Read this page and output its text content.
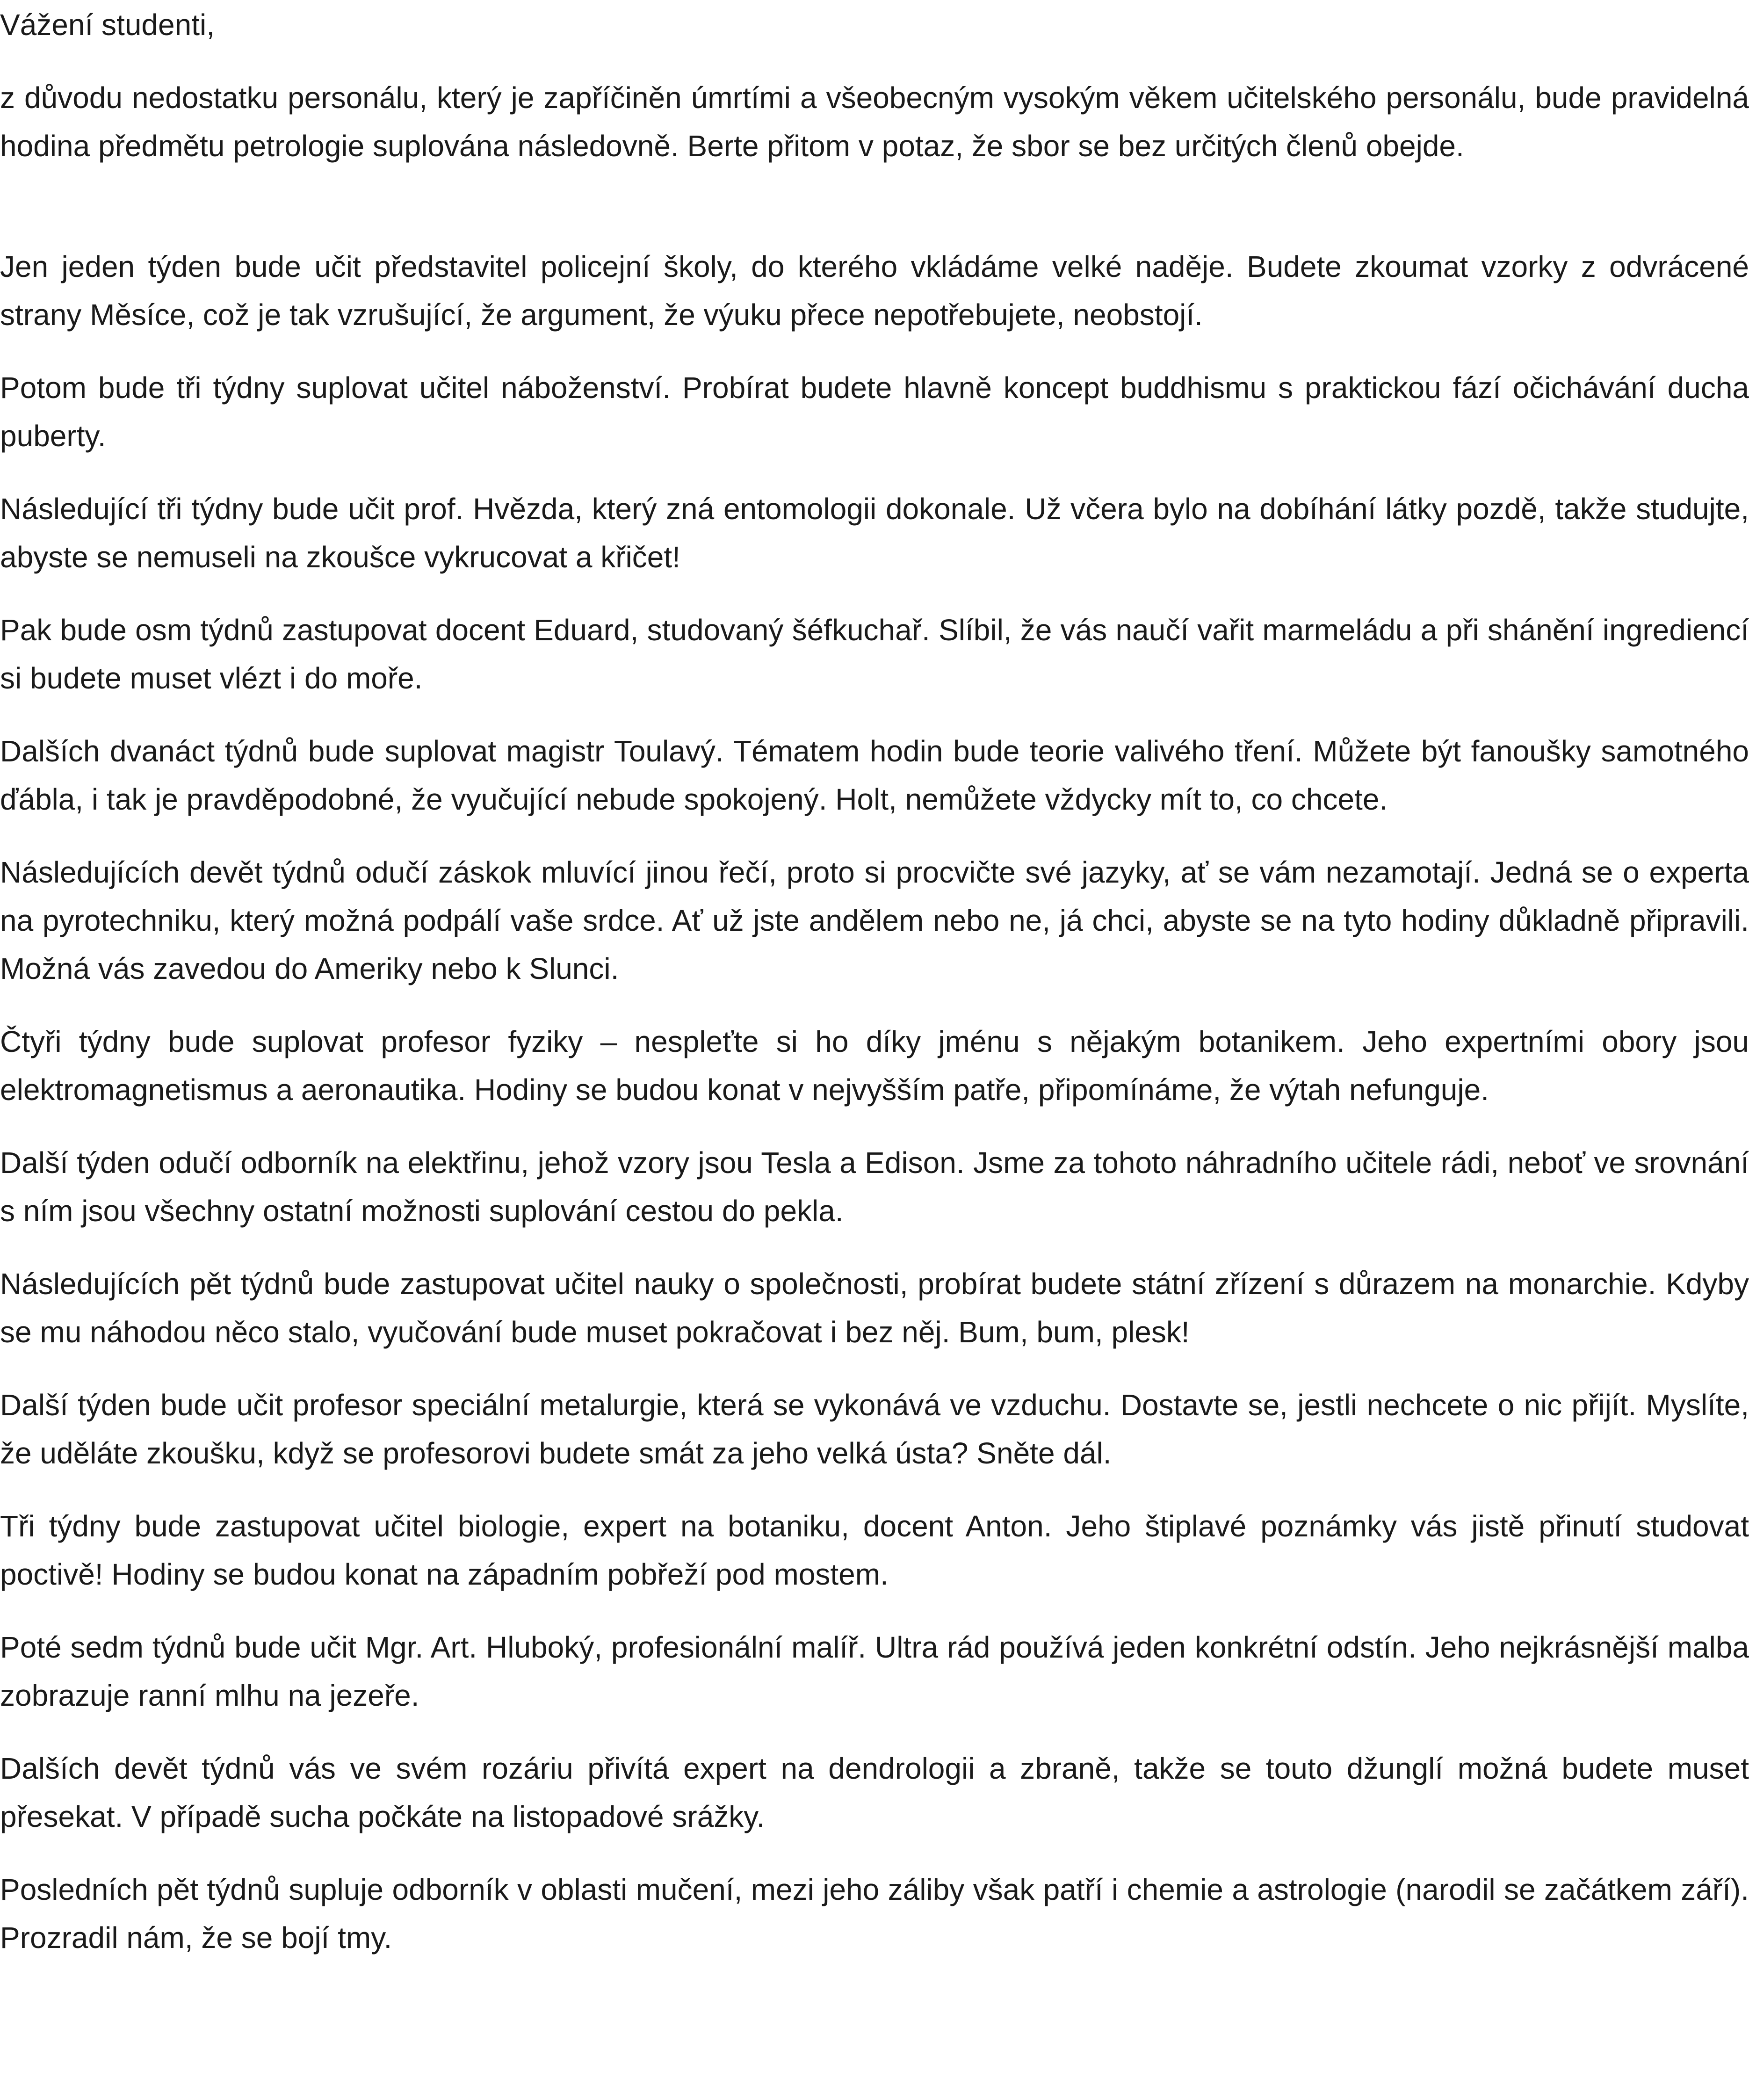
Vážení studenti,

z důvodu nedostatku personálu, který je zapříčiněn úmrtími a všeobecným vysokým věkem učitelského personálu, bude pravidelná hodina předmětu petrologie suplována následovně. Berte přitom v potaz, že sbor se bez určitých členů obejde.

Jen jeden týden bude učit představitel policejní školy, do kterého vkládáme velké naděje. Budete zkoumat vzorky z odvrácené strany Měsíce, což je tak vzrušující, že argument, že výuku přece nepotřebujete, neobstojí.

Potom bude tři týdny suplovat učitel náboženství. Probírat budete hlavně koncept buddhismu s praktickou fází očichávání ducha puberty.

Následující tři týdny bude učit prof. Hvězda, který zná entomologii dokonale. Už včera bylo na dobíhání látky pozdě, takže studujte, abyste se nemuseli na zkoušce vykrucovat a křičet!

Pak bude osm týdnů zastupovat docent Eduard, studovaný šéfkuchař. Slíbil, že vás naučí vařit marmeládu a při shánění ingrediencí si budete muset vlézt i do moře.

Dalších dvanáct týdnů bude suplovat magistr Toulavý. Tématem hodin bude teorie valivého tření. Můžete být fanoušky samotného ďábla, i tak je pravděpodobné, že vyučující nebude spokojený. Holt, nemůžete vždycky mít to, co chcete.

Následujících devět týdnů odučí záskok mluvící jinou řečí, proto si procvičte své jazyky, ať se vám nezamotají. Jedná se o experta na pyrotechniku, který možná podpálí vaše srdce. Ať už jste andělem nebo ne, já chci, abyste se na tyto hodiny důkladně připravili. Možná vás zavedou do Ameriky nebo k Slunci.

Čtyři týdny bude suplovat profesor fyziky – nespleťte si ho díky jménu s nějakým botanikem. Jeho expertními obory jsou elektromagnetismus a aeronautika. Hodiny se budou konat v nejvyšším patře, připomínáme, že výtah nefunguje.

Další týden odučí odborník na elektřinu, jehož vzory jsou Tesla a Edison. Jsme za tohoto náhradního učitele rádi, neboť ve srovnání s ním jsou všechny ostatní možnosti suplování cestou do pekla.

Následujících pět týdnů bude zastupovat učitel nauky o společnosti, probírat budete státní zřízení s důrazem na monarchie. Kdyby se mu náhodou něco stalo, vyučování bude muset pokračovat i bez něj. Bum, bum, plesk!

Další týden bude učit profesor speciální metalurgie, která se vykonává ve vzduchu. Dostavte se, jestli nechcete o nic přijít. Myslíte, že uděláte zkoušku, když se profesorovi budete smát za jeho velká ústa? Sněte dál.

Tři týdny bude zastupovat učitel biologie, expert na botaniku, docent Anton. Jeho štiplavé poznámky vás jistě přinutí studovat poctivě! Hodiny se budou konat na západním pobřeží pod mostem.

Poté sedm týdnů bude učit Mgr. Art. Hluboký, profesionální malíř. Ultra rád používá jeden konkrétní odstín. Jeho nejkrásnější malba zobrazuje ranní mlhu na jezeře.

Dalších devět týdnů vás ve svém rozáriu přivítá expert na dendrologii a zbraně, takže se touto džunglí možná budete muset přesekat. V případě sucha počkáte na listopadové srážky.

Posledních pět týdnů supluje odborník v oblasti mučení, mezi jeho záliby však patří i chemie a astrologie (narodil se začátkem září). Prozradil nám, že se bojí tmy.
